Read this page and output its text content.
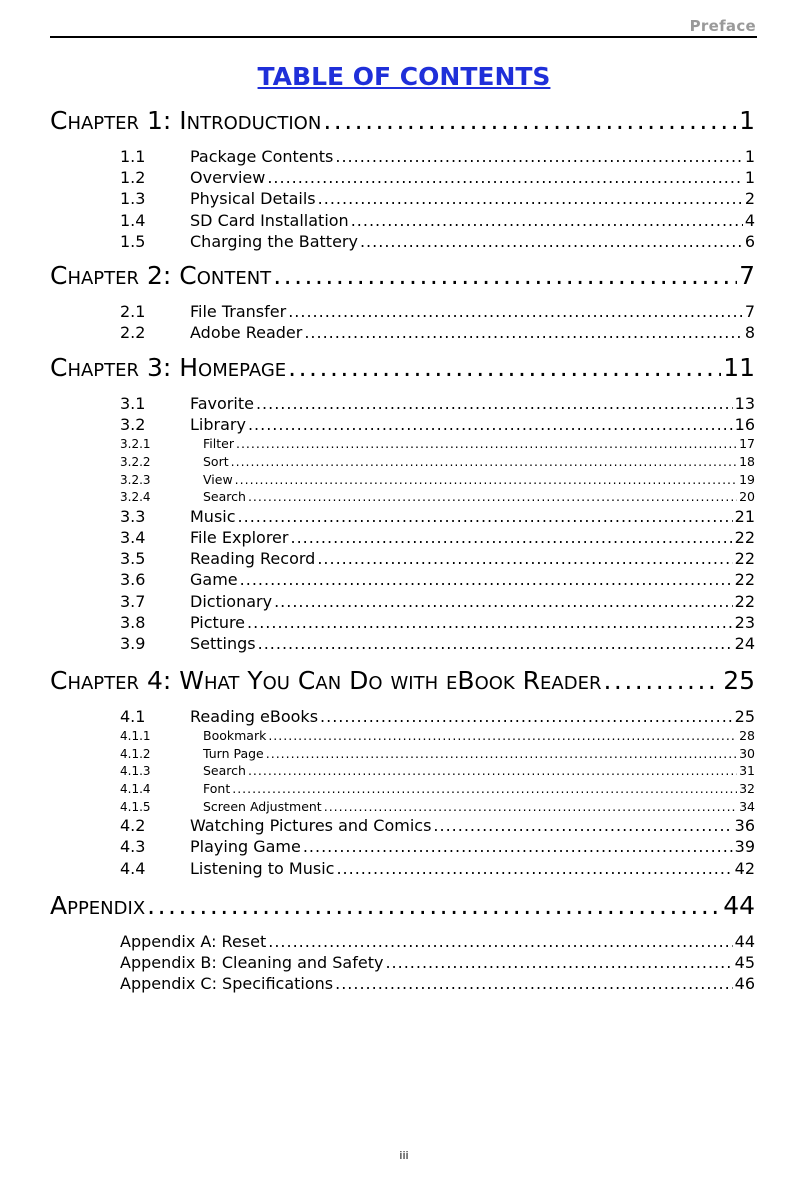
Preface
TABLE OF CONTENTS
Chapter 1: Introduction .....	1
1.1	Package Contents .....	1
1.2	Overview .....	1
1.3	Physical Details .....	2
1.4	SD Card Installation .....	4
1.5	Charging the Battery .....	6
Chapter 2: Content .....	7
2.1	File Transfer .....	7
2.2	Adobe Reader .....	8
Chapter 3: Homepage .....	11
3.1	Favorite .....	13
3.2	Library .....	16
3.2.1	Filter .....	17
3.2.2	Sort .....	18
3.2.3	View .....	19
3.2.4	Search .....	20
3.3	Music .....	21
3.4	File Explorer .....	22
3.5	Reading Record .....	22
3.6	Game .....	22
3.7	Dictionary .....	22
3.8	Picture .....	23
3.9	Settings .....	24
Chapter 4: What You Can Do with eBook Reader .....	25
4.1	Reading eBooks .....	25
4.1.1	Bookmark .....	28
4.1.2	Turn Page .....	30
4.1.3	Search .....	31
4.1.4	Font .....	32
4.1.5	Screen Adjustment .....	34
4.2	Watching Pictures and Comics .....	36
4.3	Playing Game .....	39
4.4	Listening to Music .....	42
Appendix .....	44
Appendix A: Reset .....	44
Appendix B: Cleaning and Safety .....	45
Appendix C: Specifications .....	46
iii
